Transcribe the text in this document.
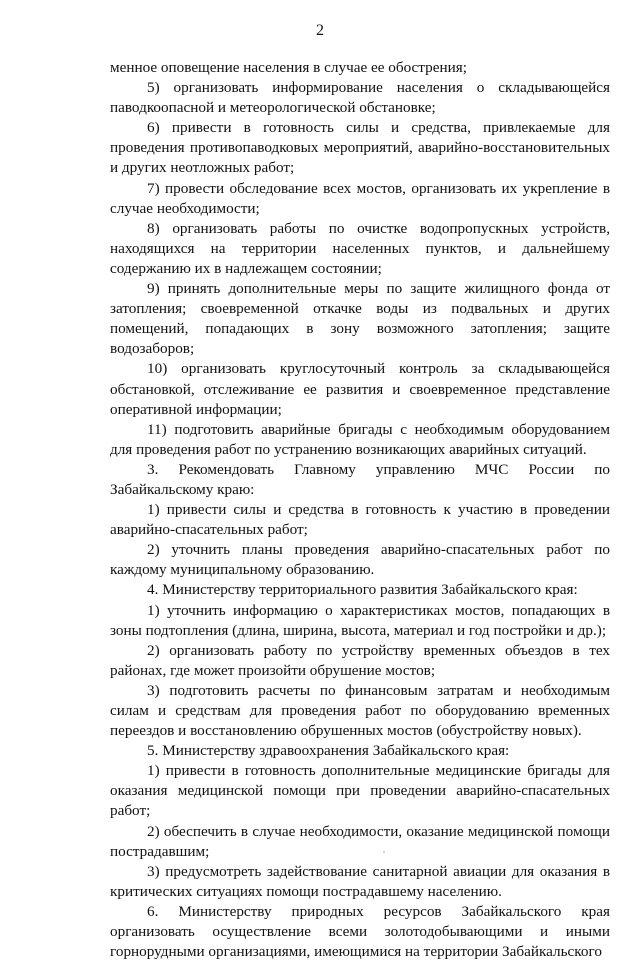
2

менное оповещение населения в случае ее обострения;

5) организовать информирование населения о складывающейся паводкоопасной и метеорологической обстановке;

6) привести в готовность силы и средства, привлекаемые для проведения противопаводковых мероприятий, аварийно-восстановительных и других неотложных работ;

7) провести обследование всех мостов, организовать их укрепление в случае необходимости;

8) организовать работы по очистке водопропускных устройств, находящихся на территории населенных пунктов, и дальнейшему содержанию их в надлежащем состоянии;

9) принять дополнительные меры по защите жилищного фонда от затопления; своевременной откачке воды из подвальных и других помещений, попадающих в зону возможного затопления; защите водозаборов;

10) организовать круглосуточный контроль за складывающейся обстановкой, отслеживание ее развития и своевременное представление оперативной информации;

11) подготовить аварийные бригады с необходимым оборудованием для проведения работ по устранению возникающих аварийных ситуаций.

3. Рекомендовать Главному управлению МЧС России по Забайкальскому краю:

1) привести силы и средства в готовность к участию в проведении аварийно-спасательных работ;

2) уточнить планы проведения аварийно-спасательных работ по каждому муниципальному образованию.

4. Министерству территориального развития Забайкальского края:

1) уточнить информацию о характеристиках мостов, попадающих в зоны подтопления (длина, ширина, высота, материал и год постройки и др.);

2) организовать работу по устройству временных объездов в тех районах, где может произойти обрушение мостов;

3) подготовить расчеты по финансовым затратам и необходимым силам и средствам для проведения работ по оборудованию временных переездов и восстановлению обрушенных мостов (обустройству новых).

5. Министерству здравоохранения Забайкальского края:

1) привести в готовность дополнительные медицинские бригады для оказания медицинской помощи при проведении аварийно-спасательных работ;

2) обеспечить в случае необходимости, оказание медицинской помощи пострадавшим;

3) предусмотреть задействование санитарной авиации для оказания в критических ситуациях помощи пострадавшему населению.

6. Министерству природных ресурсов Забайкальского края организовать осуществление всеми золотодобывающими и иными горнорудными организациями, имеющимися на территории Забайкальского
